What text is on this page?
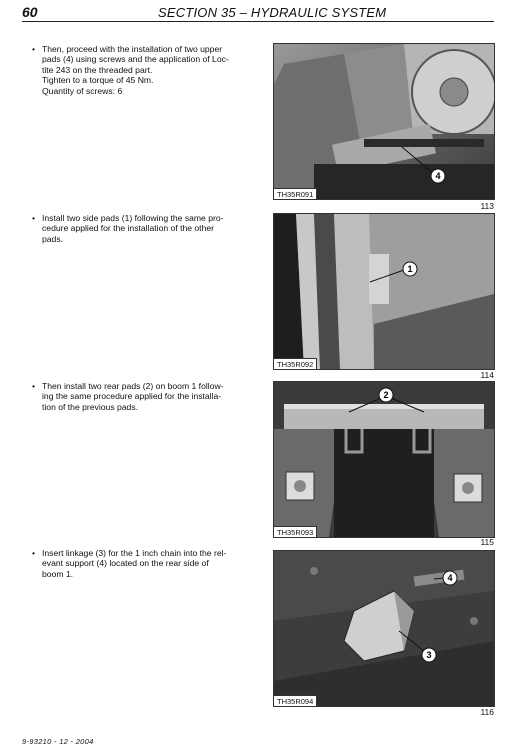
60	SECTION 35 – HYDRAULIC SYSTEM
• Then, proceed with the installation of two upper
pads (4) using screws and the application of Loc-
tite 243 on the threaded part.
Tighten to a torque of 45 Nm.
Quantity of screws: 6
• Install two side pads (1) following the same pro-
cedure applied for the installation of the other
pads.
• Then install two rear pads (2) on boom 1 follow-
ing the same procedure applied for the installa-
tion of the previous pads.
• Insert linkage (3) for the 1 inch chain into the rel-
evant support (4) located on the rear side of
boom 1.
4
TH35R091
113
1
TH35R092
114
2
TH35R093
115
4
3
TH35R094
116
9-93210 - 12 - 2004
